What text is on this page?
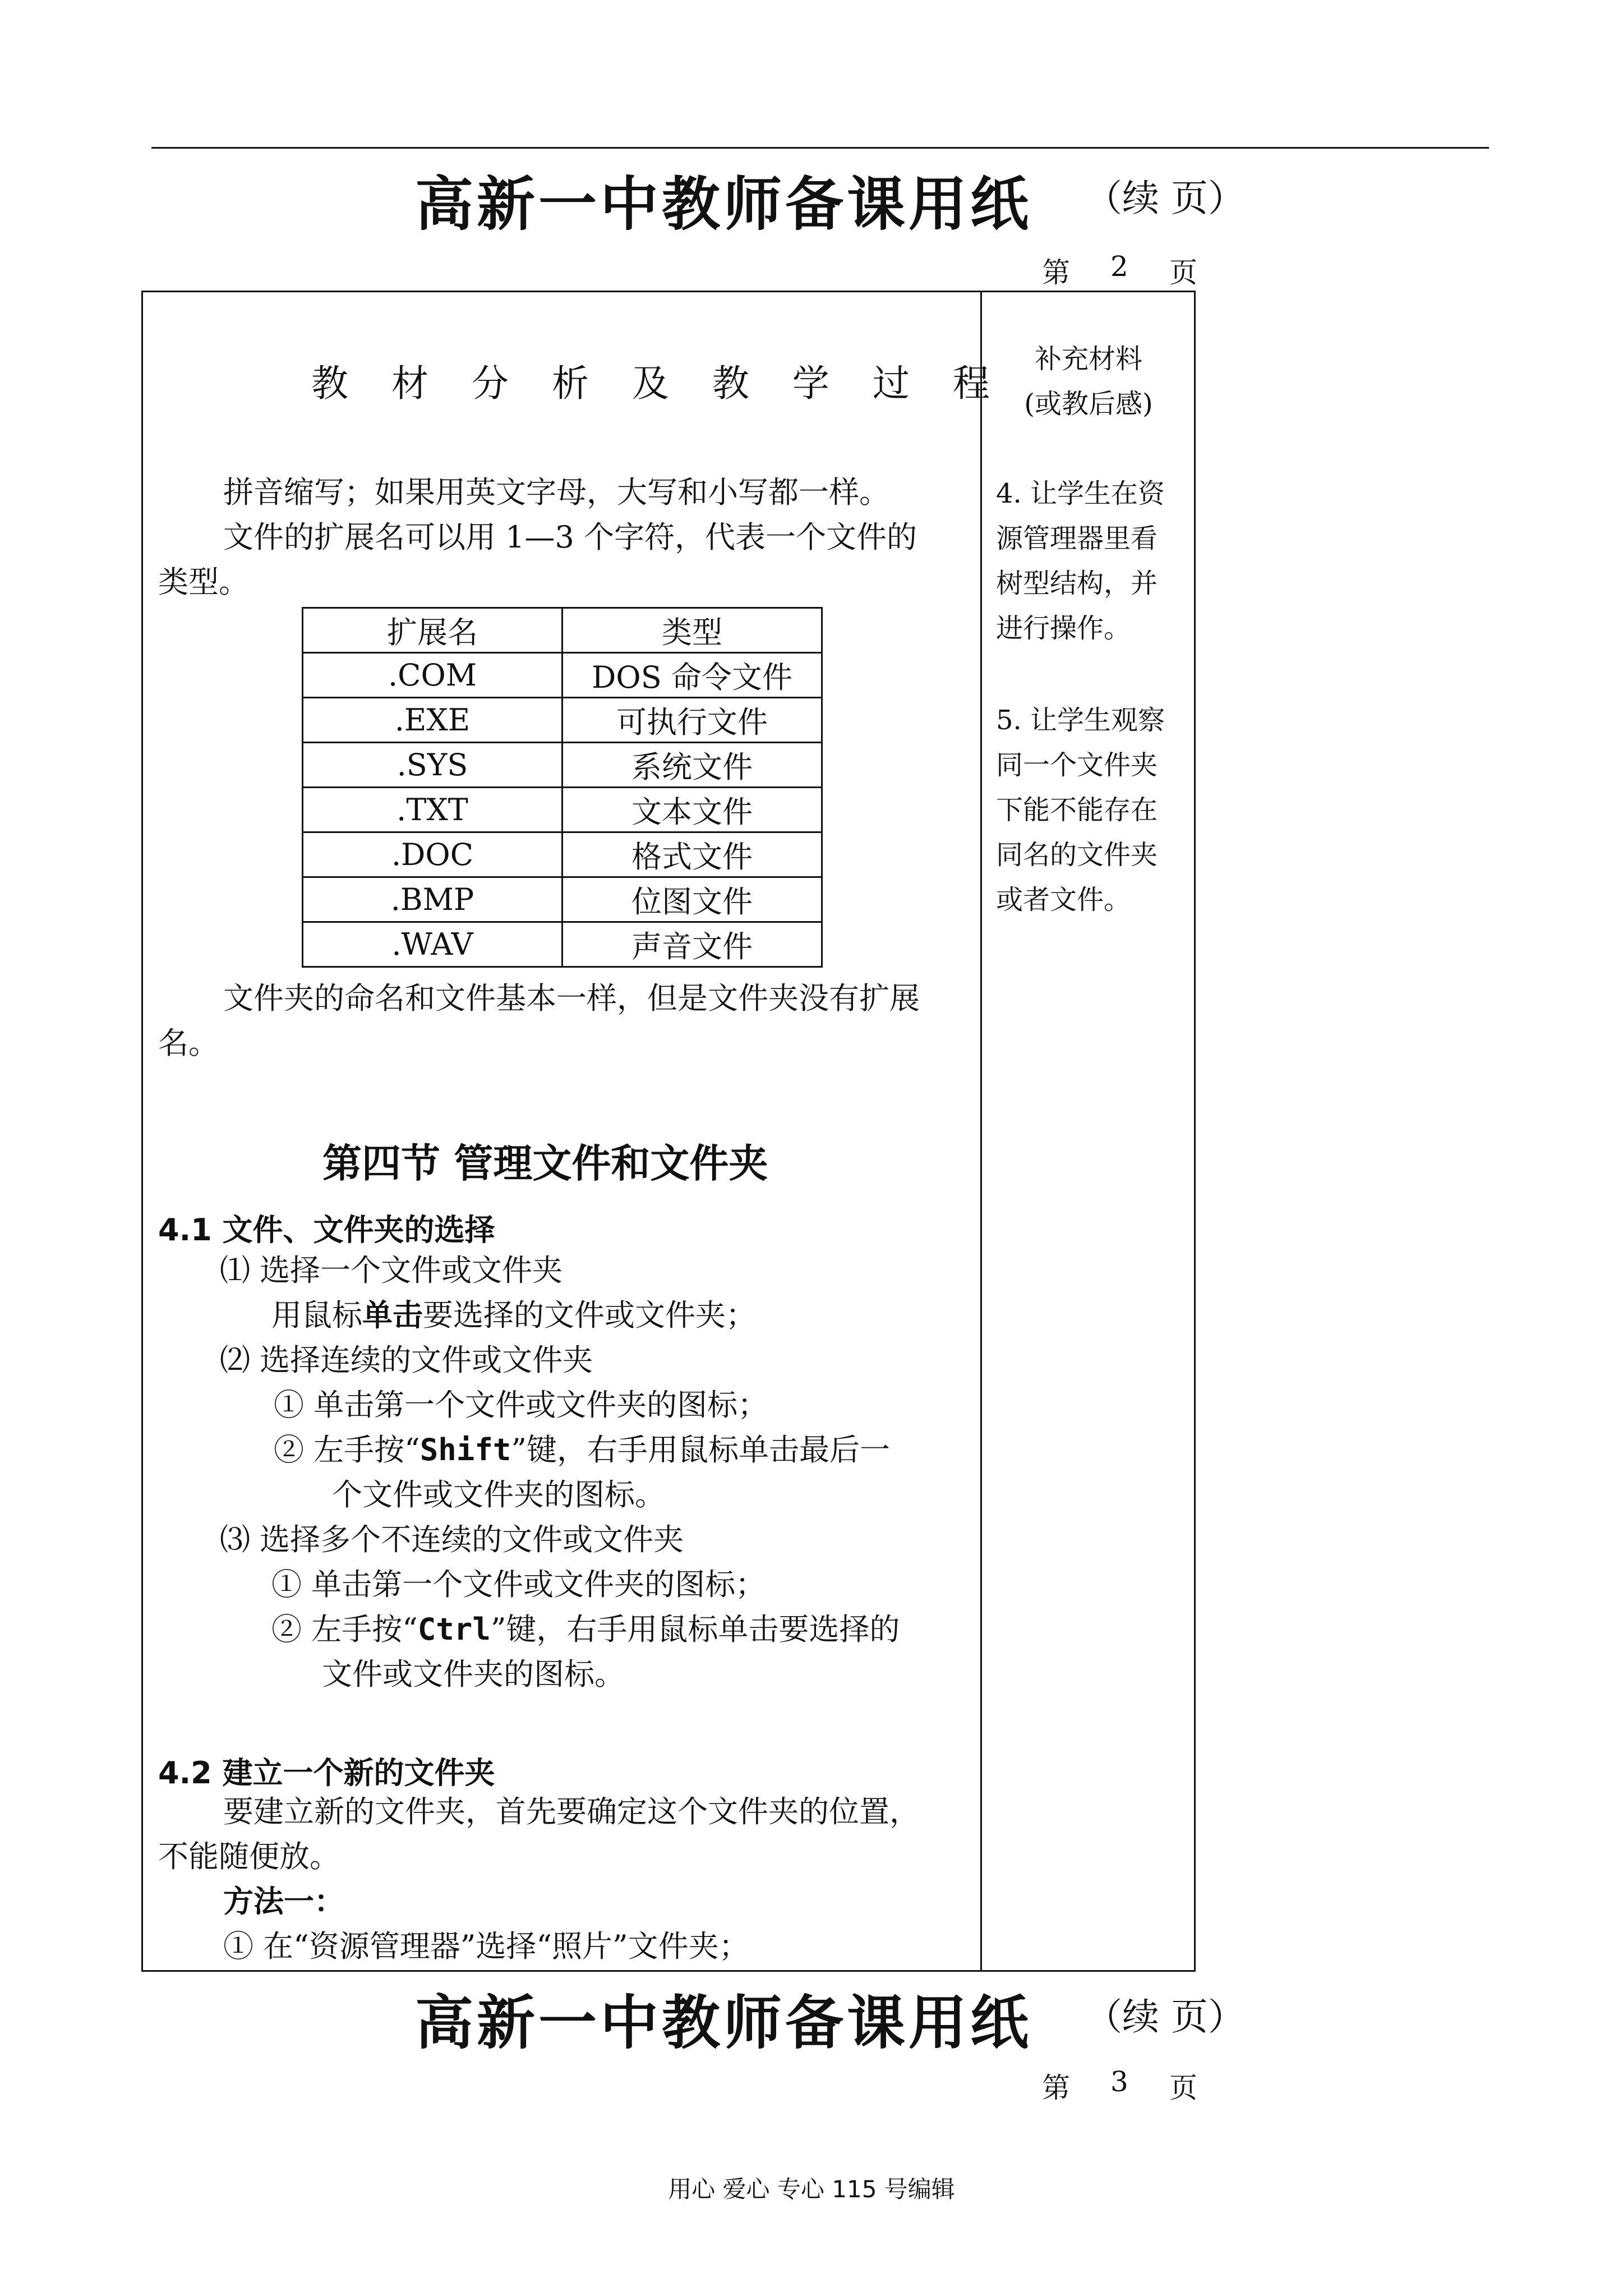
高新一中教师备课用纸 （续 页）
第 2 页
教 材 分 析 及 教 学 过 程
拼音缩写；如果用英文字母，大写和小写都一样。
文件的扩展名可以用 1—3 个字符，代表一个文件的
类型。
扩展名	类型
.COM	DOS 命令文件
.EXE	可执行文件
.SYS	系统文件
.TXT	文本文件
.DOC	格式文件
.BMP	位图文件
.WAV	声音文件
文件夹的命名和文件基本一样，但是文件夹没有扩展
名。
第四节 管理文件和文件夹
4.1 文件、文件夹的选择
⑴ 选择一个文件或文件夹
用鼠标单击要选择的文件或文件夹；
⑵ 选择连续的文件或文件夹
① 单击第一个文件或文件夹的图标；
② 左手按“Shift”键，右手用鼠标单击最后一
个文件或文件夹的图标。
⑶ 选择多个不连续的文件或文件夹
① 单击第一个文件或文件夹的图标；
② 左手按“Ctrl”键，右手用鼠标单击要选择的
文件或文件夹的图标。
4.2 建立一个新的文件夹
要建立新的文件夹，首先要确定这个文件夹的位置，
不能随便放。
方法一：
① 在“资源管理器”选择“照片”文件夹；
补充材料
(或教后感)
4. 让学生在资
源管理器里看
树型结构，并
进行操作。
5. 让学生观察
同一个文件夹
下能不能存在
同名的文件夹
或者文件。
高新一中教师备课用纸 （续 页）
第 3 页
用心 爱心 专心 115 号编辑
